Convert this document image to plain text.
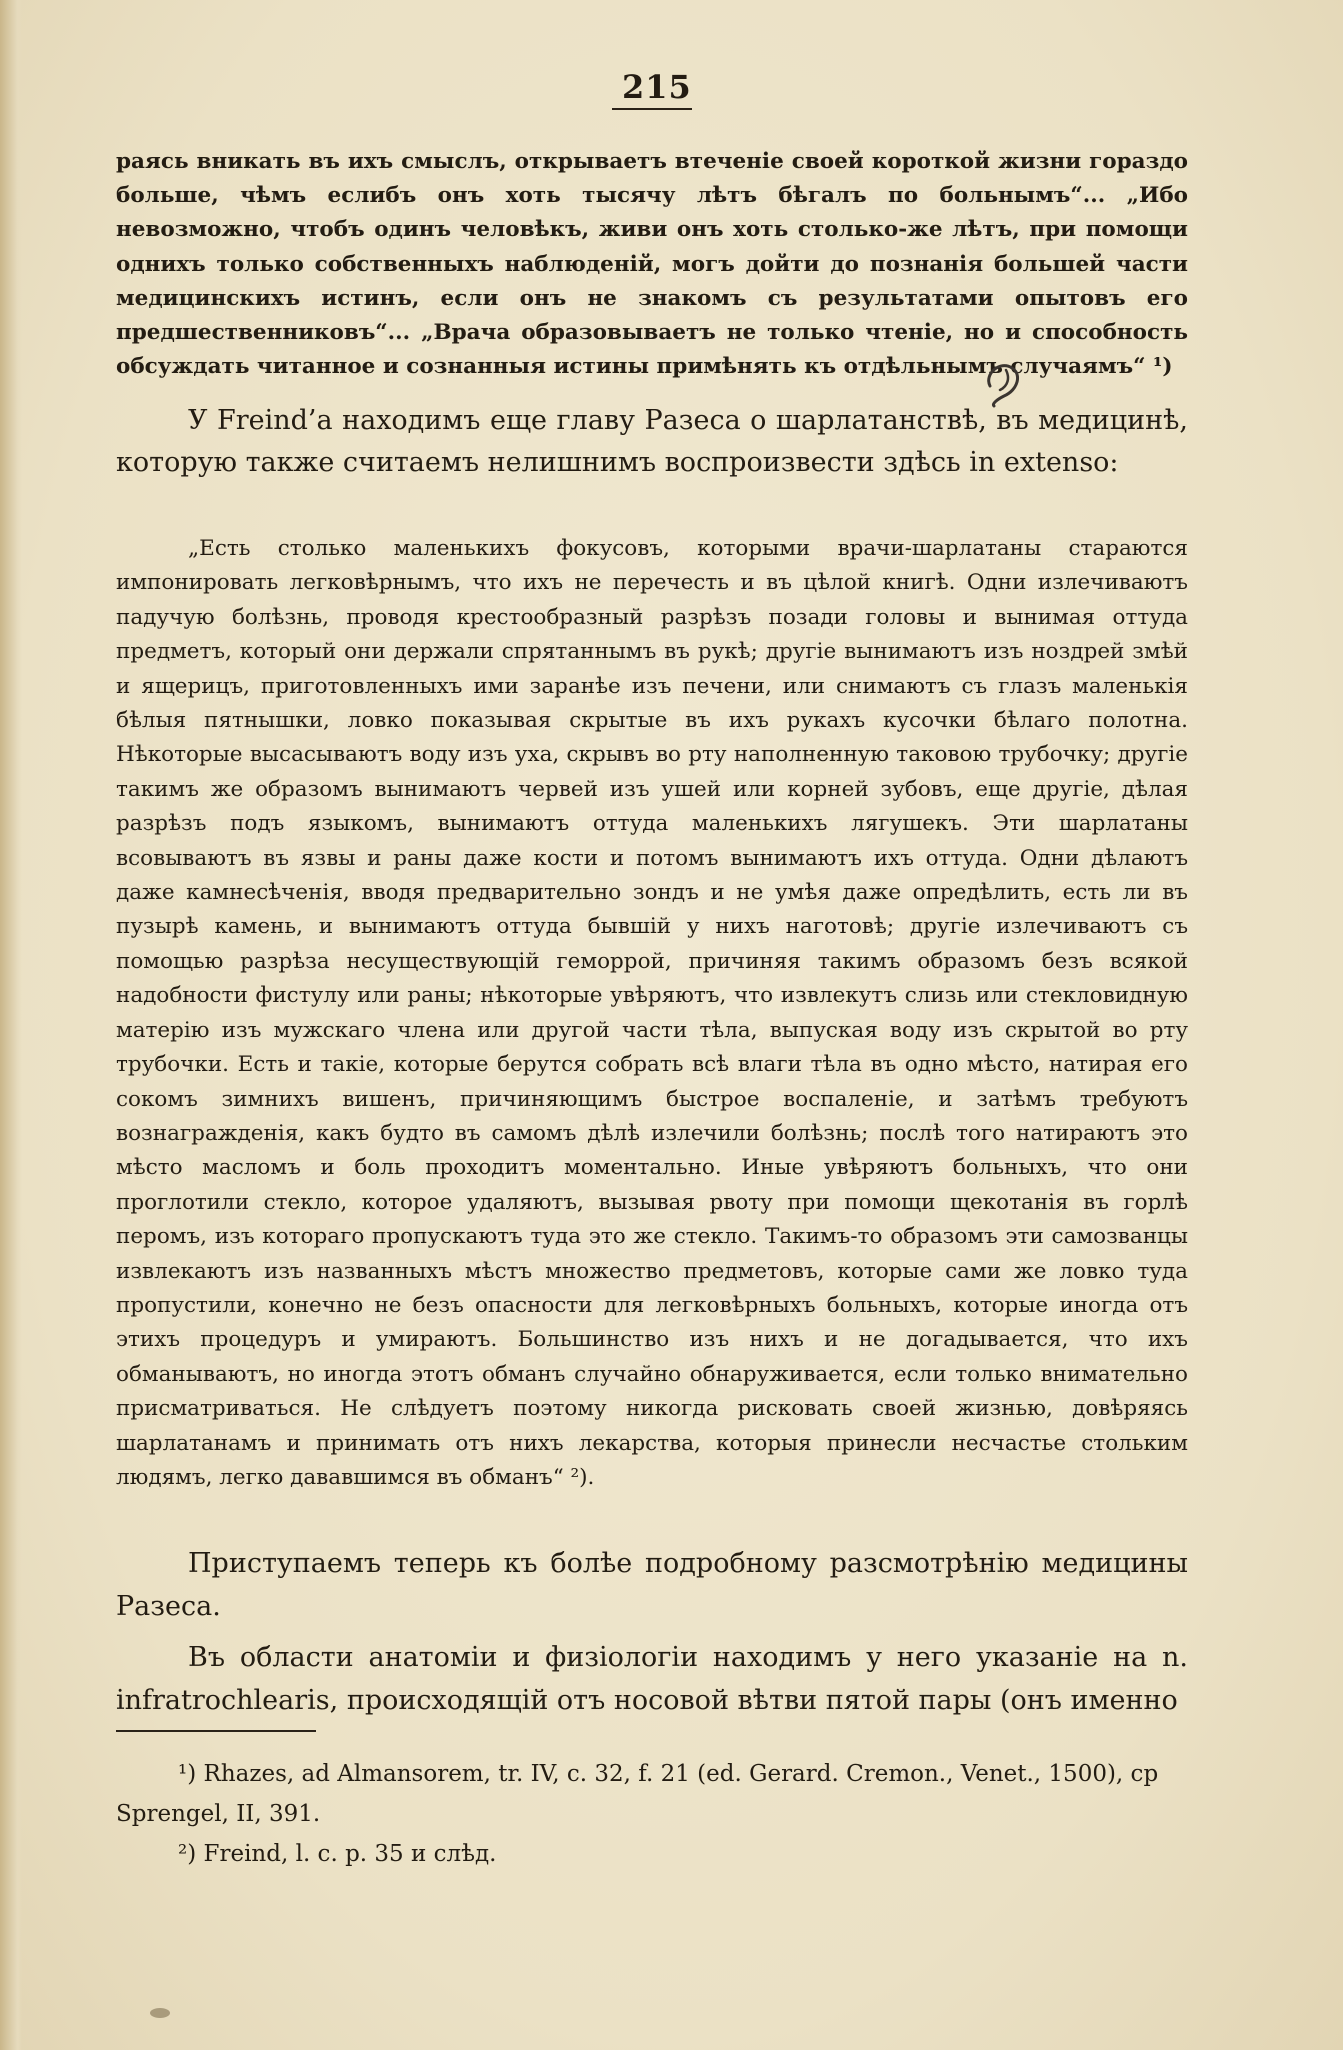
215

раясь вникать въ ихъ смыслъ, открываетъ втеченіе своей короткой жизни гораздо больше, чѣмъ еслибъ онъ хоть тысячу лѣтъ бѣгалъ по больнымъ“... „Ибо невозможно, чтобъ одинъ человѣкъ, живи онъ хоть столько-же лѣтъ, при помощи однихъ только собственныхъ наблюденій, могъ дойти до познанія большей части медицинскихъ истинъ, если онъ не знакомъ съ результатами опытовъ его предшественниковъ“... „Врача образовываетъ не только чтеніе, но и способность обсуждать читанное и сознанныя истины примѣнять къ отдѣльнымъ случаямъ“ ¹)

У Freind’а находимъ еще главу Разеса о шарлатанствѣ, въ медицинѣ, которую также считаемъ нелишнимъ воспроизвести здѣсь in extenso:

„Есть столько маленькихъ фокусовъ, которыми врачи-шарлатаны стараются импонировать легковѣрнымъ, что ихъ не перечесть и въ цѣлой книгѣ. Одни излечиваютъ падучую болѣзнь, проводя крестообразный разрѣзъ позади головы и вынимая оттуда предметъ, который они держали спрятаннымъ въ рукѣ; другіе вынимаютъ изъ ноздрей змѣй и ящерицъ, приготовленныхъ ими заранѣе изъ печени, или снимаютъ съ глазъ маленькія бѣлыя пятнышки, ловко показывая скрытые въ ихъ рукахъ кусочки бѣлаго полотна. Нѣкоторые высасываютъ воду изъ уха, скрывъ во рту наполненную таковою трубочку; другіе такимъ же образомъ вынимаютъ червей изъ ушей или корней зубовъ, еще другіе, дѣлая разрѣзъ подъ языкомъ, вынимаютъ оттуда маленькихъ лягушекъ. Эти шарлатаны всовываютъ въ язвы и раны даже кости и потомъ вынимаютъ ихъ оттуда. Одни дѣлаютъ даже камнесѣченія, вводя предварительно зондъ и не умѣя даже опредѣлить, есть ли въ пузырѣ камень, и вынимаютъ оттуда бывшій у нихъ наготовѣ; другіе излечиваютъ съ помощью разрѣза несуществующій геморрой, причиняя такимъ образомъ безъ всякой надобности фистулу или раны; нѣкоторые увѣряютъ, что извлекутъ слизь или стекловидную матерію изъ мужскаго члена или другой части тѣла, выпуская воду изъ скрытой во рту трубочки. Есть и такіе, которые берутся собрать всѣ влаги тѣла въ одно мѣсто, натирая его сокомъ зимнихъ вишенъ, причиняющимъ быстрое воспаленіе, и затѣмъ требуютъ вознагражденія, какъ будто въ самомъ дѣлѣ излечили болѣзнь; послѣ того натираютъ это мѣсто масломъ и боль проходитъ моментально. Иные увѣряютъ больныхъ, что они проглотили стекло, которое удаляютъ, вызывая рвоту при помощи щекотанія въ горлѣ перомъ, изъ котораго пропускаютъ туда это же стекло. Такимъ-то образомъ эти самозванцы извлекаютъ изъ названныхъ мѣстъ множество предметовъ, которые сами же ловко туда пропустили, конечно не безъ опасности для легковѣрныхъ больныхъ, которые иногда отъ этихъ процедуръ и умираютъ. Большинство изъ нихъ и не догадывается, что ихъ обманываютъ, но иногда этотъ обманъ случайно обнаруживается, если только внимательно присматриваться. Не слѣдуетъ поэтому никогда рисковать своей жизнью, довѣряясь шарлатанамъ и принимать отъ нихъ лекарства, которыя принесли несчастье стольким людямъ, легко дававшимся въ обманъ“ ²).

Приступаемъ теперь къ болѣе подробному разсмотрѣнію медицины Разеса.

Въ области анатоміи и физіологіи находимъ у него указаніе на n. infratrochlearis, происходящій отъ носовой вѣтви пятой пары (онъ именно

¹) Rhazes, ad Almansorem, tr. IV, c. 32, f. 21 (ed. Gerard. Cremon., Venet., 1500), cp Sprengel, II, 391.

²) Freind, l. c. p. 35 и слѣд.
